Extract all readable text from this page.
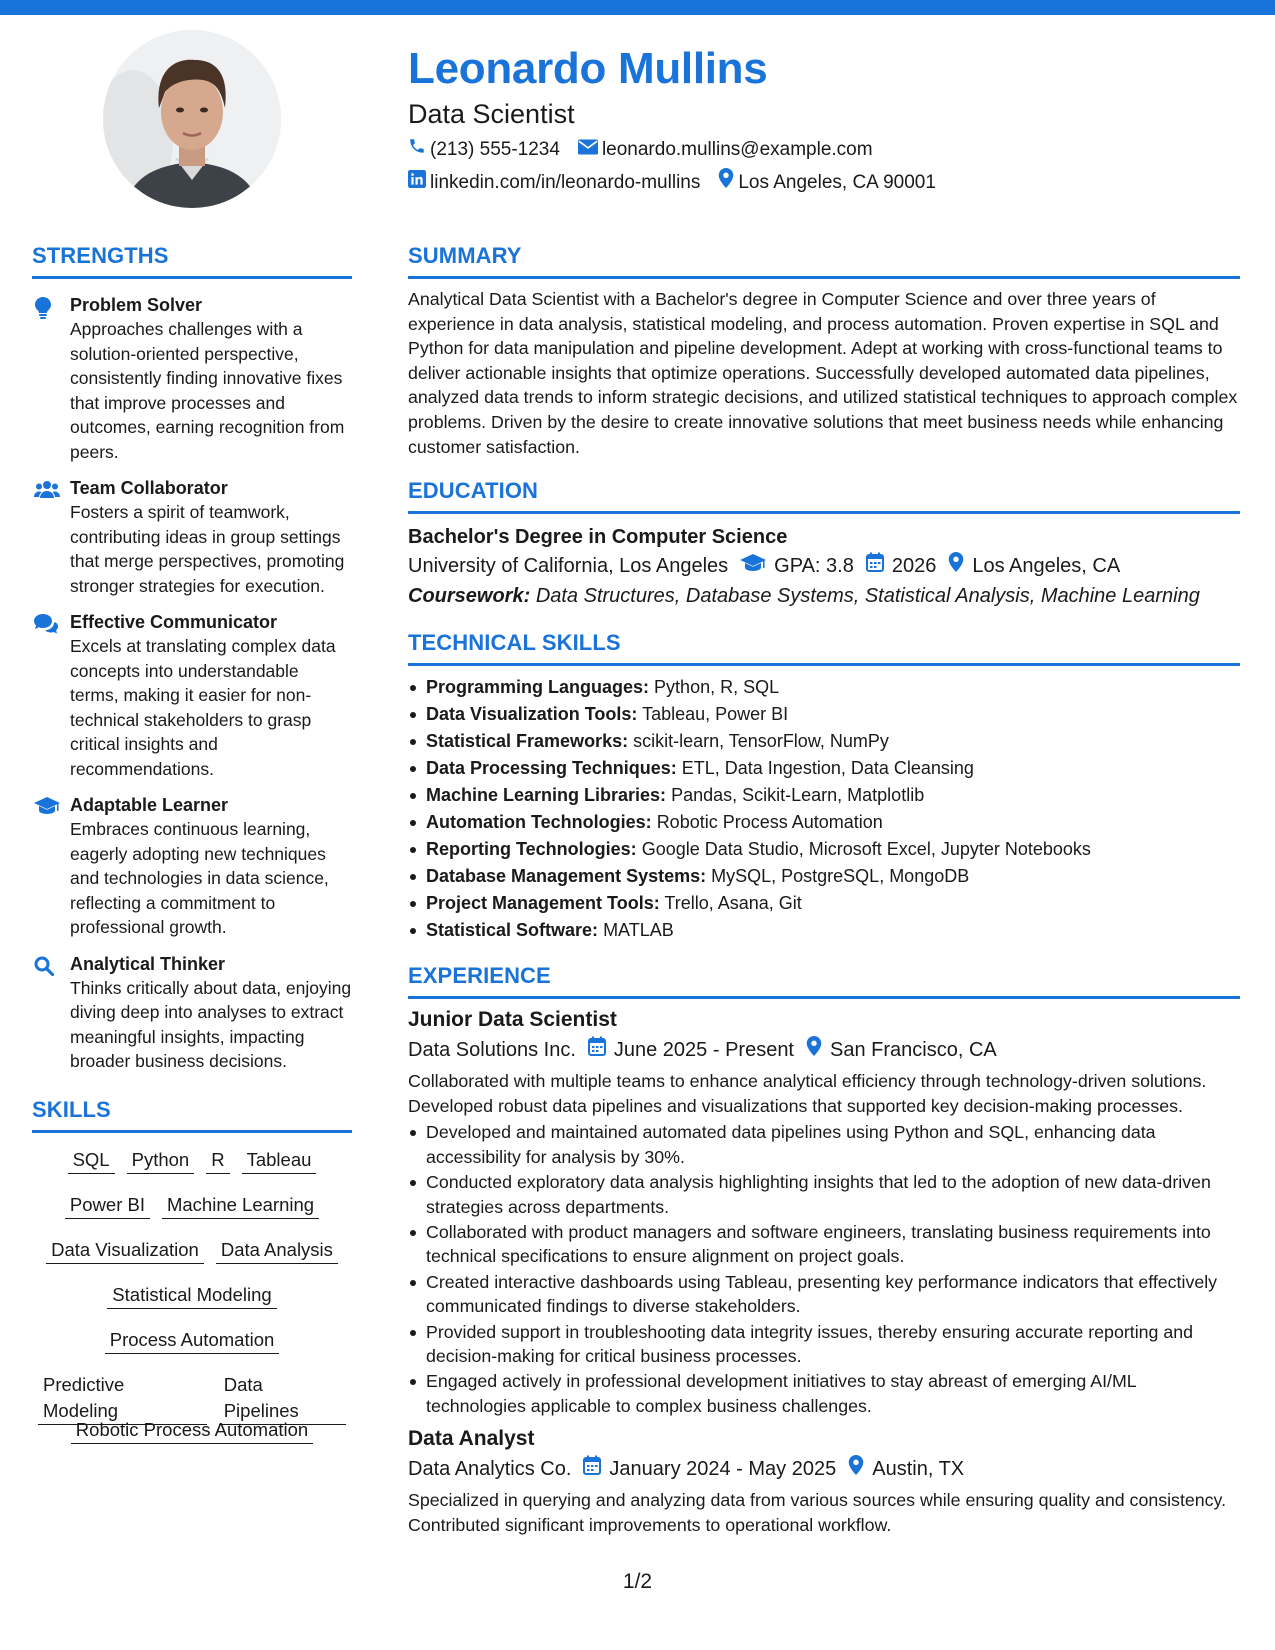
Leonardo Mullins
Data Scientist
(213) 555-1234 leonardo.mullins@example.com
linkedin.com/in/leonardo-mullins Los Angeles, CA 90001
STRENGTHS
Problem Solver
Approaches challenges with a solution-oriented perspective, consistently finding innovative fixes that improve processes and outcomes, earning recognition from peers.
Team Collaborator
Fosters a spirit of teamwork, contributing ideas in group settings that merge perspectives, promoting stronger strategies for execution.
Effective Communicator
Excels at translating complex data concepts into understandable terms, making it easier for non-technical stakeholders to grasp critical insights and recommendations.
Adaptable Learner
Embraces continuous learning, eagerly adopting new techniques and technologies in data science, reflecting a commitment to professional growth.
Analytical Thinker
Thinks critically about data, enjoying diving deep into analyses to extract meaningful insights, impacting broader business decisions.
SKILLS
SQL Python R Tableau
Power BI Machine Learning
Data Visualization Data Analysis
Statistical Modeling
Process Automation
Predictive Modeling
Data Pipelines
Robotic Process Automation
SUMMARY
Analytical Data Scientist with a Bachelor's degree in Computer Science and over three years of experience in data analysis, statistical modeling, and process automation. Proven expertise in SQL and Python for data manipulation and pipeline development. Adept at working with cross-functional teams to deliver actionable insights that optimize operations. Successfully developed automated data pipelines, analyzed data trends to inform strategic decisions, and utilized statistical techniques to approach complex problems. Driven by the desire to create innovative solutions that meet business needs while enhancing customer satisfaction.
EDUCATION
Bachelor's Degree in Computer Science
University of California, Los Angeles GPA: 3.8 2026 Los Angeles, CA
Coursework: Data Structures, Database Systems, Statistical Analysis, Machine Learning
TECHNICAL SKILLS
Programming Languages: Python, R, SQL
Data Visualization Tools: Tableau, Power BI
Statistical Frameworks: scikit-learn, TensorFlow, NumPy
Data Processing Techniques: ETL, Data Ingestion, Data Cleansing
Machine Learning Libraries: Pandas, Scikit-Learn, Matplotlib
Automation Technologies: Robotic Process Automation
Reporting Technologies: Google Data Studio, Microsoft Excel, Jupyter Notebooks
Database Management Systems: MySQL, PostgreSQL, MongoDB
Project Management Tools: Trello, Asana, Git
Statistical Software: MATLAB
EXPERIENCE
Junior Data Scientist
Data Solutions Inc. June 2025 - Present San Francisco, CA
Collaborated with multiple teams to enhance analytical efficiency through technology-driven solutions. Developed robust data pipelines and visualizations that supported key decision-making processes.
Developed and maintained automated data pipelines using Python and SQL, enhancing data accessibility for analysis by 30%.
Conducted exploratory data analysis highlighting insights that led to the adoption of new data-driven strategies across departments.
Collaborated with product managers and software engineers, translating business requirements into technical specifications to ensure alignment on project goals.
Created interactive dashboards using Tableau, presenting key performance indicators that effectively communicated findings to diverse stakeholders.
Provided support in troubleshooting data integrity issues, thereby ensuring accurate reporting and decision-making for critical business processes.
Engaged actively in professional development initiatives to stay abreast of emerging AI/ML technologies applicable to complex business challenges.
Data Analyst
Data Analytics Co. January 2024 - May 2025 Austin, TX
Specialized in querying and analyzing data from various sources while ensuring quality and consistency. Contributed significant improvements to operational workflow.
1/2
